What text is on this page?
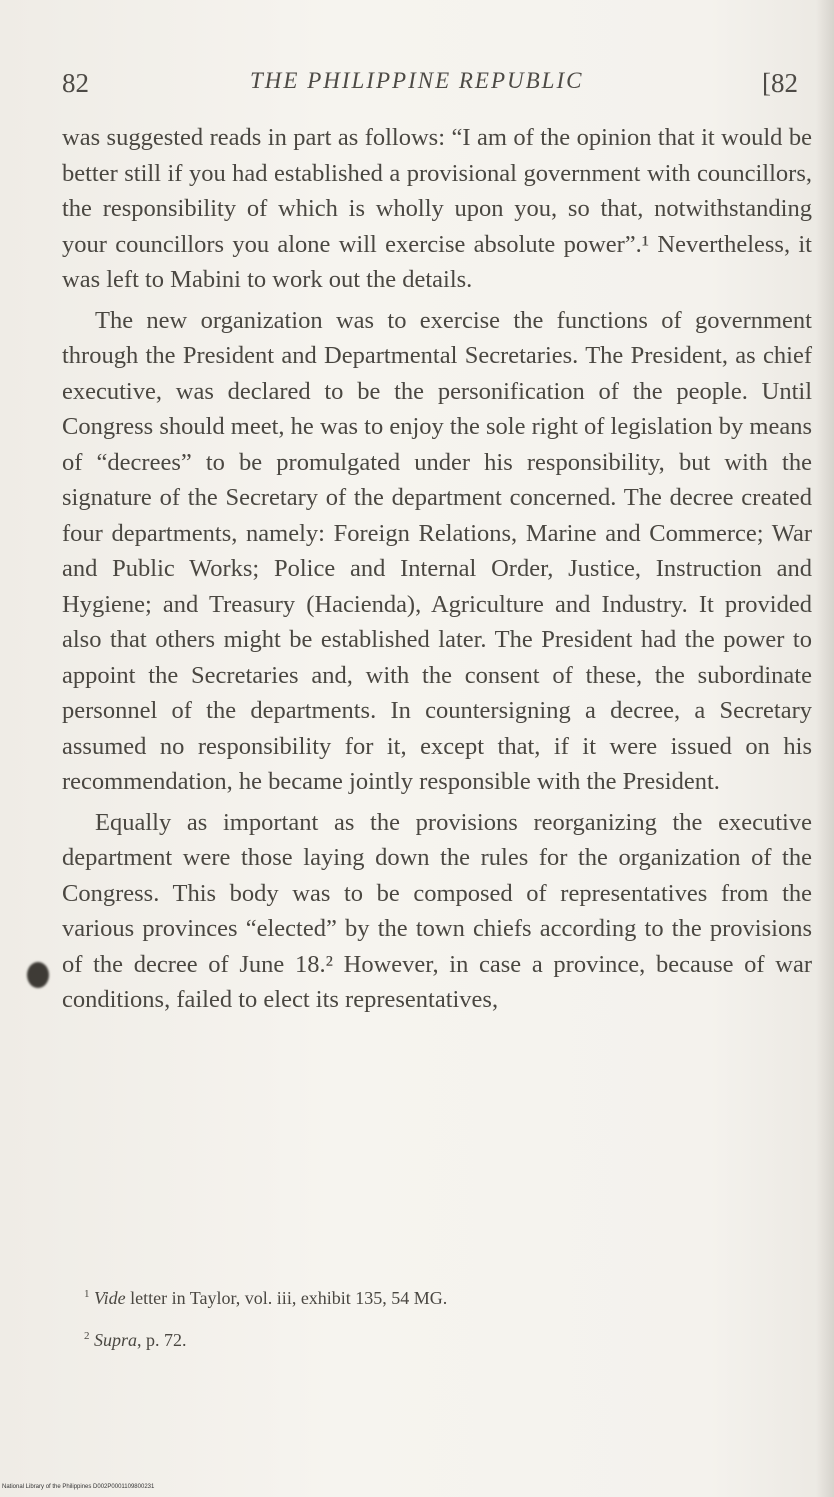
82	THE PHILIPPINE REPUBLIC	[82

was suggested reads in part as follows: “I am of the opinion that it would be better still if you had established a provisional government with councillors, the responsibility of which is wholly upon you, so that, notwithstanding your councillors you alone will exercise absolute power”.¹ Nevertheless, it was left to Mabini to work out the details.

The new organization was to exercise the functions of government through the President and Departmental Secretaries. The President, as chief executive, was declared to be the personification of the people. Until Congress should meet, he was to enjoy the sole right of legislation by means of “decrees” to be promulgated under his responsibility, but with the signature of the Secretary of the department concerned. The decree created four departments, namely: Foreign Relations, Marine and Commerce; War and Public Works; Police and Internal Order, Justice, Instruction and Hygiene; and Treasury (Hacienda), Agriculture and Industry. It provided also that others might be established later. The President had the power to appoint the Secretaries and, with the consent of these, the subordinate personnel of the departments. In countersigning a decree, a Secretary assumed no responsibility for it, except that, if it were issued on his recommendation, he became jointly responsible with the President.

Equally as important as the provisions reorganizing the executive department were those laying down the rules for the organization of the Congress. This body was to be composed of representatives from the various provinces “elected” by the town chiefs according to the provisions of the decree of June 18.² However, in case a province, because of war conditions, failed to elect its representatives,

$^1$ Vide letter in Taylor, vol. iii, exhibit 135, 54 MG.

$^2$ Supra, p. 72.

National Library of the Philippines D002P0001109800231
